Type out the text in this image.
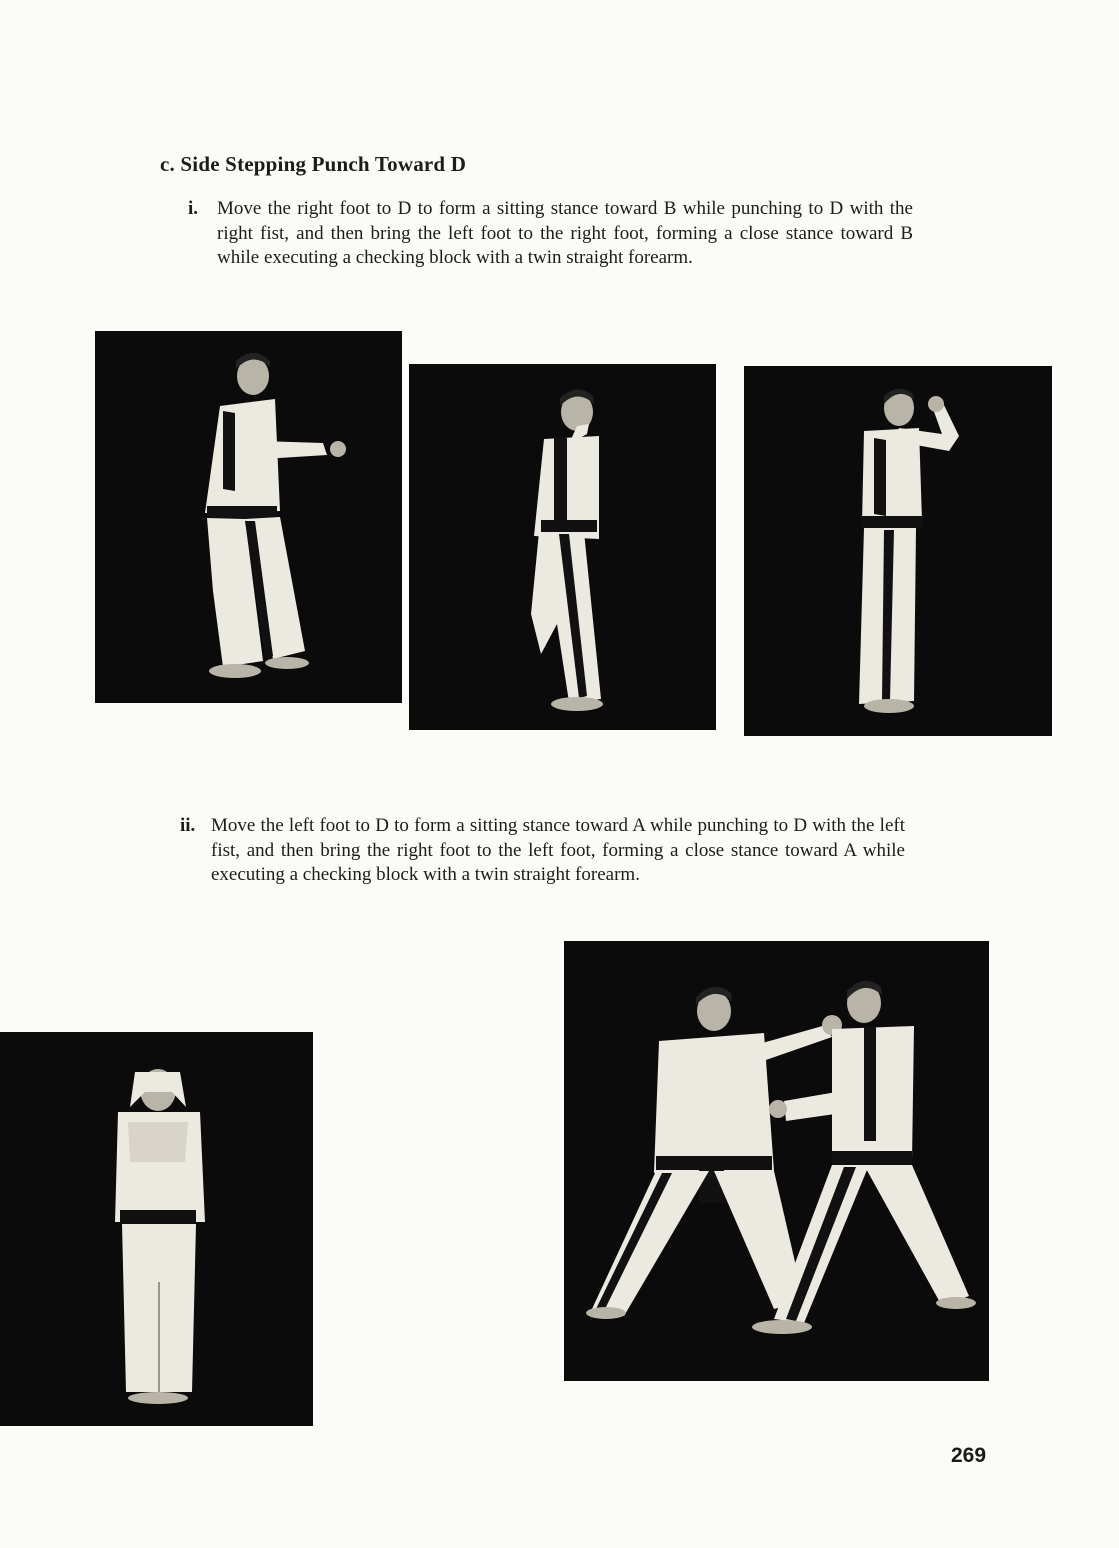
c. Side Stepping Punch Toward D
i. Move the right foot to D to form a sitting stance toward B while punching to D with the right fist, and then bring the left foot to the right foot, forming a close stance toward B while executing a checking block with a twin straight forearm.
ii. Move the left foot to D to form a sitting stance toward A while punching to D with the left fist, and then bring the right foot to the left foot, forming a close stance toward A while executing a checking block with a twin straight forearm.
269
